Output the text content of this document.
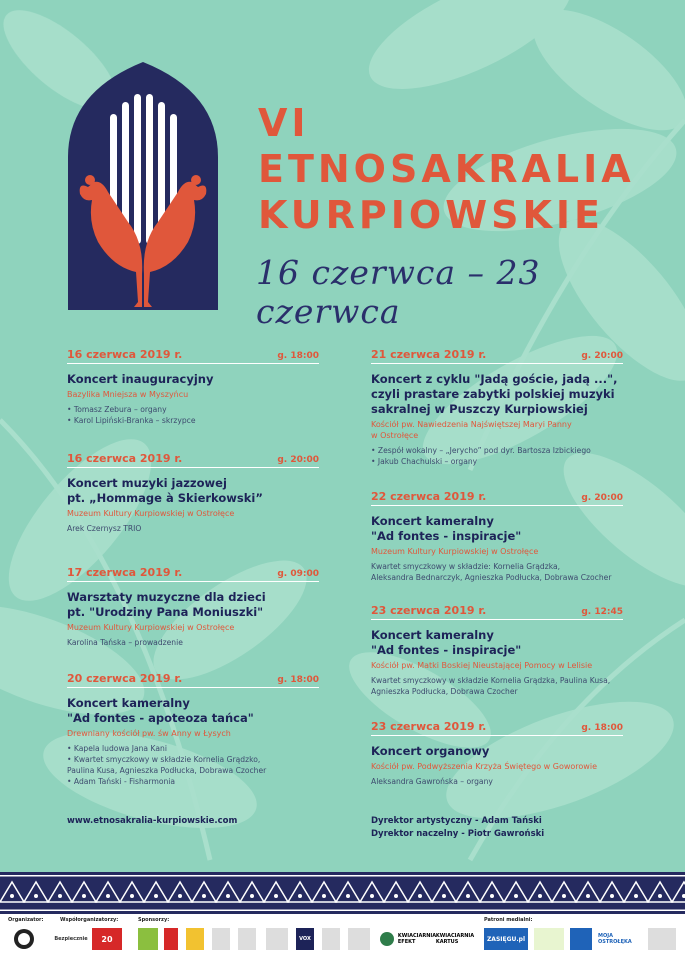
VI
ETNOSAKRALIA
KURPIOWSKIE
16 czerwca – 23 czerwca
16 czerwca 2019 r.	g. 18:00
Koncert inauguracyjny
Bazylika Mniejsza w Myszyńcu
• Tomasz Zebura – organy
• Karol Lipiński-Branka – skrzypce
16 czerwca 2019 r.	g. 20:00
Koncert muzyki jazzowej
pt. „Hommage à Skierkowski”
Muzeum Kultury Kurpiowskiej w Ostrołęce
Arek Czernysz TRIO
17 czerwca 2019 r.	g. 09:00
Warsztaty muzyczne dla dzieci
pt. "Urodziny Pana Moniuszki"
Muzeum Kultury Kurpiowskiej w Ostrołęce
Karolina Tańska – prowadzenie
20 czerwca 2019 r.	g. 18:00
Koncert kameralny
"Ad fontes - apoteoza tańca"
Drewniany kościół pw. św Anny w Łysych
• Kapela ludowa Jana Kani
• Kwartet smyczkowy w składzie Kornelia Grądzko,
Paulina Kusa, Agnieszka Podłucka, Dobrawa Czocher
• Adam Tański - Fisharmonia
21 czerwca 2019 r.	g. 20:00
Koncert z cyklu "Jadą goście, jadą ...",
czyli prastare zabytki polskiej muzyki
sakralnej w Puszczy Kurpiowskiej
Kościół pw. Nawiedzenia Najświętszej Maryi Panny
w Ostrołęce
• Zespół wokalny – „Jerycho” pod dyr. Bartosza Izbickiego
• Jakub Chachulski – organy
22 czerwca 2019 r.	g. 20:00
Koncert kameralny
"Ad fontes - inspiracje"
Muzeum Kultury Kurpiowskiej w Ostrołęce
Kwartet smyczkowy w składzie: Kornelia Grądzka,
Aleksandra Bednarczyk, Agnieszka Podłucka, Dobrawa Czocher
23 czerwca 2019 r.	g. 12:45
Koncert kameralny
"Ad fontes - inspiracje"
Kościół pw. Matki Boskiej Nieustającej Pomocy w Lelisie
Kwartet smyczkowy w składzie Kornelia Grądzka, Paulina Kusa,
Agnieszka Podłucka, Dobrawa Czocher
23 czerwca 2019 r.	g. 18:00
Koncert organowy
Kościół pw. Podwyższenia Krzyża Świętego w Goworowie
Aleksandra Gawrońska – organy
www.etnosakralia-kurpiowskie.com	Dyrektor artystyczny - Adam Tański
Dyrektor naczelny - Piotr Gawroński
Organizator:	Współorganizatorzy:	Sponsorzy:	Patroni medialni:
Bezpiecznie	20	VOX	KWIACIARNIA EFEKT
KWIACIARNIA KARTUS	ZASIĘGU.pl	MOJA OSTROŁĘKA
